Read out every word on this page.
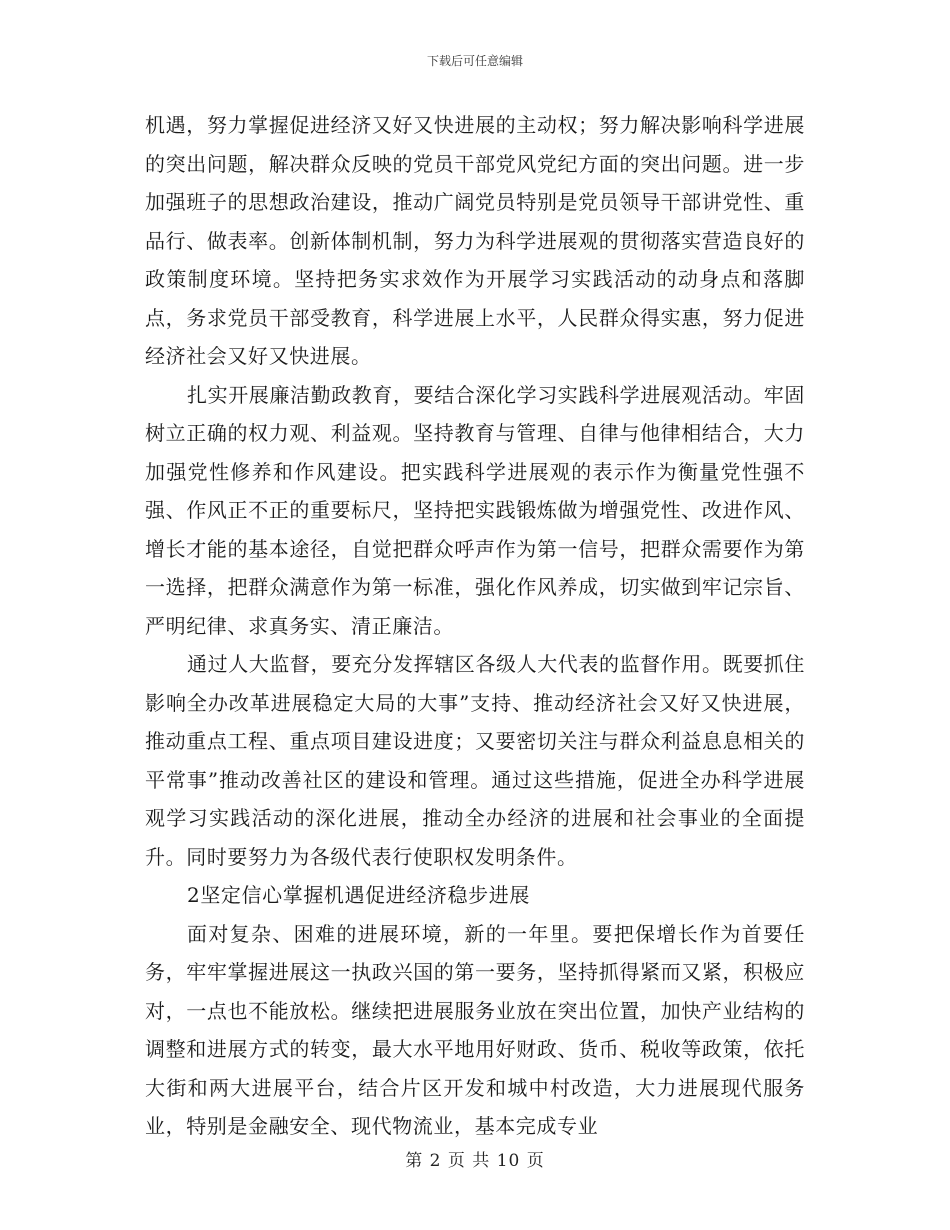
下载后可任意编辑

机遇，努力掌握促进经济又好又快进展的主动权；努力解决影响科学进展的突出问题，解决群众反映的党员干部党风党纪方面的突出问题。进一步加强班子的思想政治建设，推动广阔党员特别是党员领导干部讲党性、重品行、做表率。创新体制机制，努力为科学进展观的贯彻落实营造良好的政策制度环境。坚持把务实求效作为开展学习实践活动的动身点和落脚点，务求党员干部受教育，科学进展上水平，人民群众得实惠，努力促进经济社会又好又快进展。

扎实开展廉洁勤政教育，要结合深化学习实践科学进展观活动。牢固树立正确的权力观、利益观。坚持教育与管理、自律与他律相结合，大力加强党性修养和作风建设。把实践科学进展观的表示作为衡量党性强不强、作风正不正的重要标尺，坚持把实践锻炼做为增强党性、改进作风、增长才能的基本途径，自觉把群众呼声作为第一信号，把群众需要作为第一选择，把群众满意作为第一标准，强化作风养成，切实做到牢记宗旨、严明纪律、求真务实、清正廉洁。

通过人大监督，要充分发挥辖区各级人大代表的监督作用。既要抓住影响全办改革进展稳定大局的大事”支持、推动经济社会又好又快进展，推动重点工程、重点项目建设进度；又要密切关注与群众利益息息相关的平常事”推动改善社区的建设和管理。通过这些措施，促进全办科学进展观学习实践活动的深化进展，推动全办经济的进展和社会事业的全面提升。同时要努力为各级代表行使职权发明条件。

2坚定信心掌握机遇促进经济稳步进展

面对复杂、困难的进展环境，新的一年里。要把保增长作为首要任务，牢牢掌握进展这一执政兴国的第一要务，坚持抓得紧而又紧，积极应对，一点也不能放松。继续把进展服务业放在突出位置，加快产业结构的调整和进展方式的转变，最大水平地用好财政、货币、税收等政策，依托大街和两大进展平台，结合片区开发和城中村改造，大力进展现代服务业，特别是金融安全、现代物流业，基本完成专业

第 2 页 共 10 页
